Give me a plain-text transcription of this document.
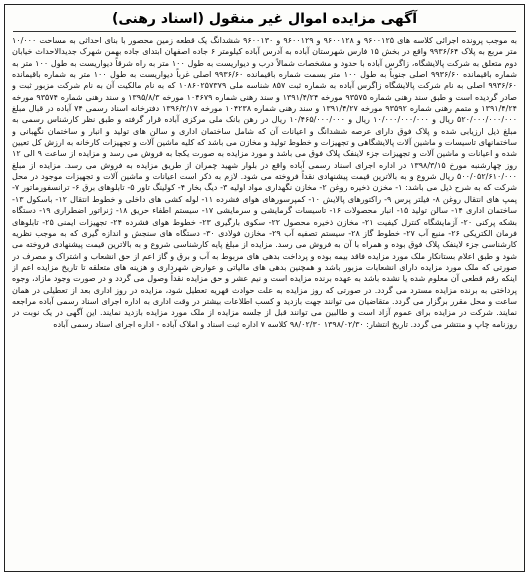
آگهی مزایده اموال غیر منقول (اسناد رهنی)
به موجب پرونده اجرائی کلاسه های ۹۶۰۰۱۲۵ و ۹۶۰۰۱۲۸ و ۹۶۰۰۱۲۹ و ۹۶۰۰۱۳۰ ششدانگ یک قطعه زمین محصور با بنای احداثی به مساحت ۱۰/۰۰۰ متر مربع به پلاک ۹۹۳۶/۶۴ واقع در بخش ۱۵ فارس شهرستان آباده به آدرس آباده کیلومتر ۶ جاده اصفهان ابتدای جاده بهمن شهرک جدیدالاحداث خیابان دوم متعلق به شرکت پالایشگاه، زاگرس آباده با حدود و مشخصات شمالاً درب و دیواریست به طول ۱۰۰ متر به راه شرقاً دیواریست به طول ۱۰۰ متر به شماره باقیمانده ۹۹۳۶/۶۰ اصلی جنوباً به طول ۱۰۰ متر بسمت شماره باقیمانده ۹۹۳۶/۶۰ اصلی غرباً دیواریست به طول ۱۰۰ متر به شماره باقیمانده ۹۹۳۶/۶۰ اصلی به نام شرکت پالایشگاه زاگرس آباده به شماره ثبت ۸۵۷ شناسه ملی ۱۰۸۶۰۲۵۷۳۷۹ که به نام مالکیت آن به نام شرکت مزبور ثبت و صادر گردیده است و طبق سند رهنی شماره ۹۳۵۷۵ مورخه ۱۳۹۱/۴/۲۴ و سند رهنی شماره ۱۰۴۶۷۹ مورخه ۱۳۹۵/۸/۳ و سند رهنی شماره ۹۳۵۷۴ مورخه ۱۳۹۱/۴/۲۴ و متمم رهنی شماره ۹۳۵۹۲ مورخه ۱۳۹۱/۴/۲۷ و سند رهنی شماره ۱۰۴۲۳۸ مورخه ۱۳۹۶/۲/۱۷ دفترخانه اسناد رسمی ۷۴ آباده در قبال مبلغ ۵۲۰/۰۰۰/۰۰۰/۰۰۰ ریال و ۱۰/۰۰۰/۰۰۰/۰۰۰ ریال و ۱۰/۴۶۵/۰۰۰/۰۰۰ ریال در رهن بانک ملی مرکزی آباده قرار گرفته و طبق نظر کارشناس رسمی به مبلغ ذیل ارزیابی شده و پلاک فوق دارای عرصه ششدانگ و اعیانات آن که شامل ساختمان اداری و سالن های تولید و انبار و ساختمان نگهبانی و ساختمانهای تاسیسات و ماشین آلات پالایشگاهی و تجهیزات و خطوط تولید و مخازن می باشد که کلیه ماشین آلات و تجهیزات کارخانه به ارزش کل تعیین شده و اعیانات و ماشین آلات و تجهیزات جزء لاینفک پلاک فوق می باشد و مورد مزایده به صورت یکجا به فروش می رسد و مزایده از ساعت ۹ الی ۱۲ روز چهارشنبه مورخ ۱۳۹۸/۳/۱۵ در اداره اجرای اسناد رسمی آباده واقع در بلوار شهید چمران از طریق مزایده به فروش می رسد. مزایده از مبلغ ۵۰۰/۰۵۲/۶۱۰/۰۰۰ ریال شروع و به بالاترین قیمت پیشنهادی نقداً فروخته می شود. لازم به ذکر است اعیانات و ماشین آلات و تجهیزات موجود در محل شرکت که به شرح ذیل می باشد: ۱- مخزن ذخیره روغن ۲- مخازن نگهداری مواد اولیه ۳- دیگ بخار ۴- کولینگ تاور ۵- تابلوهای برق ۶- ترانسفورماتور ۷- پمپ های انتقال روغن ۸- فیلتر پرس ۹- راکتورهای پالایش ۱۰- کمپرسورهای هوای فشرده ۱۱- لوله کشی های داخلی و خطوط انتقال ۱۲- باسکول ۱۳- ساختمان اداری ۱۴- سالن تولید ۱۵- انبار محصولات ۱۶- تاسیسات گرمایشی و سرمایشی ۱۷- سیستم اطفاء حریق ۱۸- ژنراتور اضطراری ۱۹- دستگاه بشکه پرکنی ۲۰- آزمایشگاه کنترل کیفیت ۲۱- مخازن ذخیره محصول ۲۲- سکوی بارگیری ۲۳- خطوط هوای فشرده ۲۴- تجهیزات ایمنی ۲۵- تابلوهای فرمان الکتریکی ۲۶- منبع آب ۲۷- خطوط گاز ۲۸- سیستم تصفیه آب ۲۹- مخازن فولادی ۳۰- دستگاه های سنجش و اندازه گیری که به موجب نظریه کارشناسی جزء لاینفک پلاک فوق بوده و همراه با آن به فروش می رسد. مزایده از مبلغ پایه کارشناسی شروع و به بالاترین قیمت پیشنهادی فروخته می شود و طبق اعلام بستانکار ملک مورد مزایده فاقد بیمه بوده و پرداخت بدهی های مربوط به آب و برق و گاز اعم از حق انشعاب و اشتراک و مصرف در صورتی که ملک مورد مزایده دارای انشعابات مزبور باشد و همچنین بدهی های مالیاتی و عوارض شهرداری و هزینه های متعلقه تا تاریخ مزایده اعم از اینکه رقم قطعی آن معلوم شده یا نشده باشد به عهده برنده مزایده است و نیم عشر و حق مزایده نقداً وصول می گردد و در صورت وجود مازاد، وجوه پرداختی به برنده مزایده مسترد می گردد. در صورتی که روز مزایده به علت حوادث قهریه تعطیل شود، مزایده در روز اداری بعد از تعطیلی در همان ساعت و محل مقرر برگزار می گردد. متقاضیان می توانند جهت بازدید و کسب اطلاعات بیشتر در وقت اداری به اداره اجرای اسناد رسمی آباده مراجعه نمایند. شرکت در مزایده برای عموم آزاد است و طالبین می توانند قبل از جلسه مزایده از ملک مورد مزایده بازدید نمایند. این آگهی در یک نوبت در روزنامه چاپ و منتشر می گردد. تاریخ انتشار: ۱۳۹۸/۰۲/۳۰ ۹۸/۰۲/۳۰ کلاسه ۷ اداره ثبت اسناد و املاک آباده - اداره اجرای اسناد رسمی آباده
